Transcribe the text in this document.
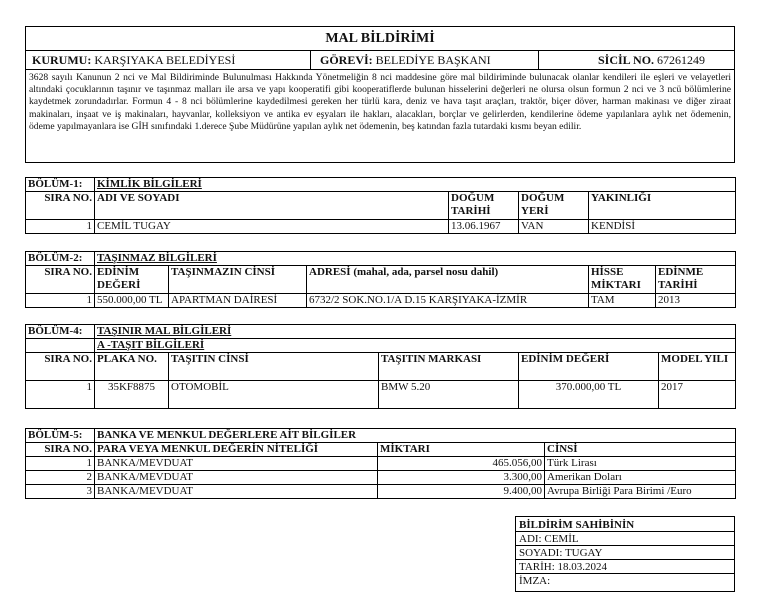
MAL BİLDİRİMİ
KURUMU: KARŞIYAKA BELEDİYESİ	GÖREVİ: BELEDİYE BAŞKANI	SİCİL NO. 67261249
3628 sayılı Kanunun 2 nci ve Mal Bildiriminde Bulunulması Hakkında Yönetmeliğin 8 nci maddesine göre mal bildiriminde bulunacak olanlar kendileri ile eşleri ve velayetleri altındaki çocuklarının taşınır ve taşınmaz malları ile arsa ve yapı kooperatifi gibi kooperatiflerde bulunan hisselerini değerleri ne olursa olsun formun 2 nci ve 3 ncü bölümlerine kaydetmek zorundadırlar. Formun 4 - 8 nci bölümlerine kaydedilmesi gereken her türlü kara, deniz ve hava taşıt araçları, traktör, biçer döver, harman makinası ve diğer ziraat makinaları, inşaat ve iş makinaları, hayvanlar, kolleksiyon ve antika ev eşyaları ile hakları, alacakları, borçlar ve gelirlerden, kendilerine ödeme yapılanlara aylık net ödemenin, ödeme yapılmayanlara ise GİH sınıfındaki 1.derece Şube Müdürüne yapılan aylık net ödemenin, beş katından fazla tutardaki kısmı beyan edilir.
BÖLÜM-1:	KİMLİK BİLGİLERİ			
SIRA NO.	ADI VE SOYADI	DOĞUM TARİHİ	DOĞUM YERİ	YAKINLIĞI
1	CEMİL TUGAY	13.06.1967	VAN	KENDİSİ
BÖLÜM-2:	TAŞINMAZ BİLGİLERİ				
SIRA NO.	EDİNİM DEĞERİ	TAŞINMAZIN CİNSİ	ADRESİ (mahal, ada, parsel nosu dahil)	HİSSE MİKTARI	EDİNME TARİHİ
1	550.000,00 TL	APARTMAN DAİRESİ	6732/2 SOK.NO.1/A D.15 KARŞIYAKA-İZMİR	TAM	2013
BÖLÜM-4:	TAŞINIR MAL BİLGİLERİ				
	A -TAŞIT BİLGİLERİ				
SIRA NO.	PLAKA NO.	TAŞITIN CİNSİ	TAŞITIN MARKASI	EDİNİM DEĞERİ	MODEL YILI
1	35KF8875	OTOMOBİL	BMW 5.20	370.000,00 TL	2017
BÖLÜM-5:	BANKA VE MENKUL DEĞERLERE AİT BİLGİLER		
SIRA NO.	PARA VEYA MENKUL DEĞERİN NİTELİĞİ	MİKTARI	CİNSİ
1	BANKA/MEVDUAT	465.056,00	Türk Lirası
2	BANKA/MEVDUAT	3.300,00	Amerikan Doları
3	BANKA/MEVDUAT	9.400,00	Avrupa Birliği Para Birimi /Euro
BİLDİRİM SAHİBİNİN
ADI: CEMİL
SOYADI: TUGAY
TARİH: 18.03.2024
İMZA:
